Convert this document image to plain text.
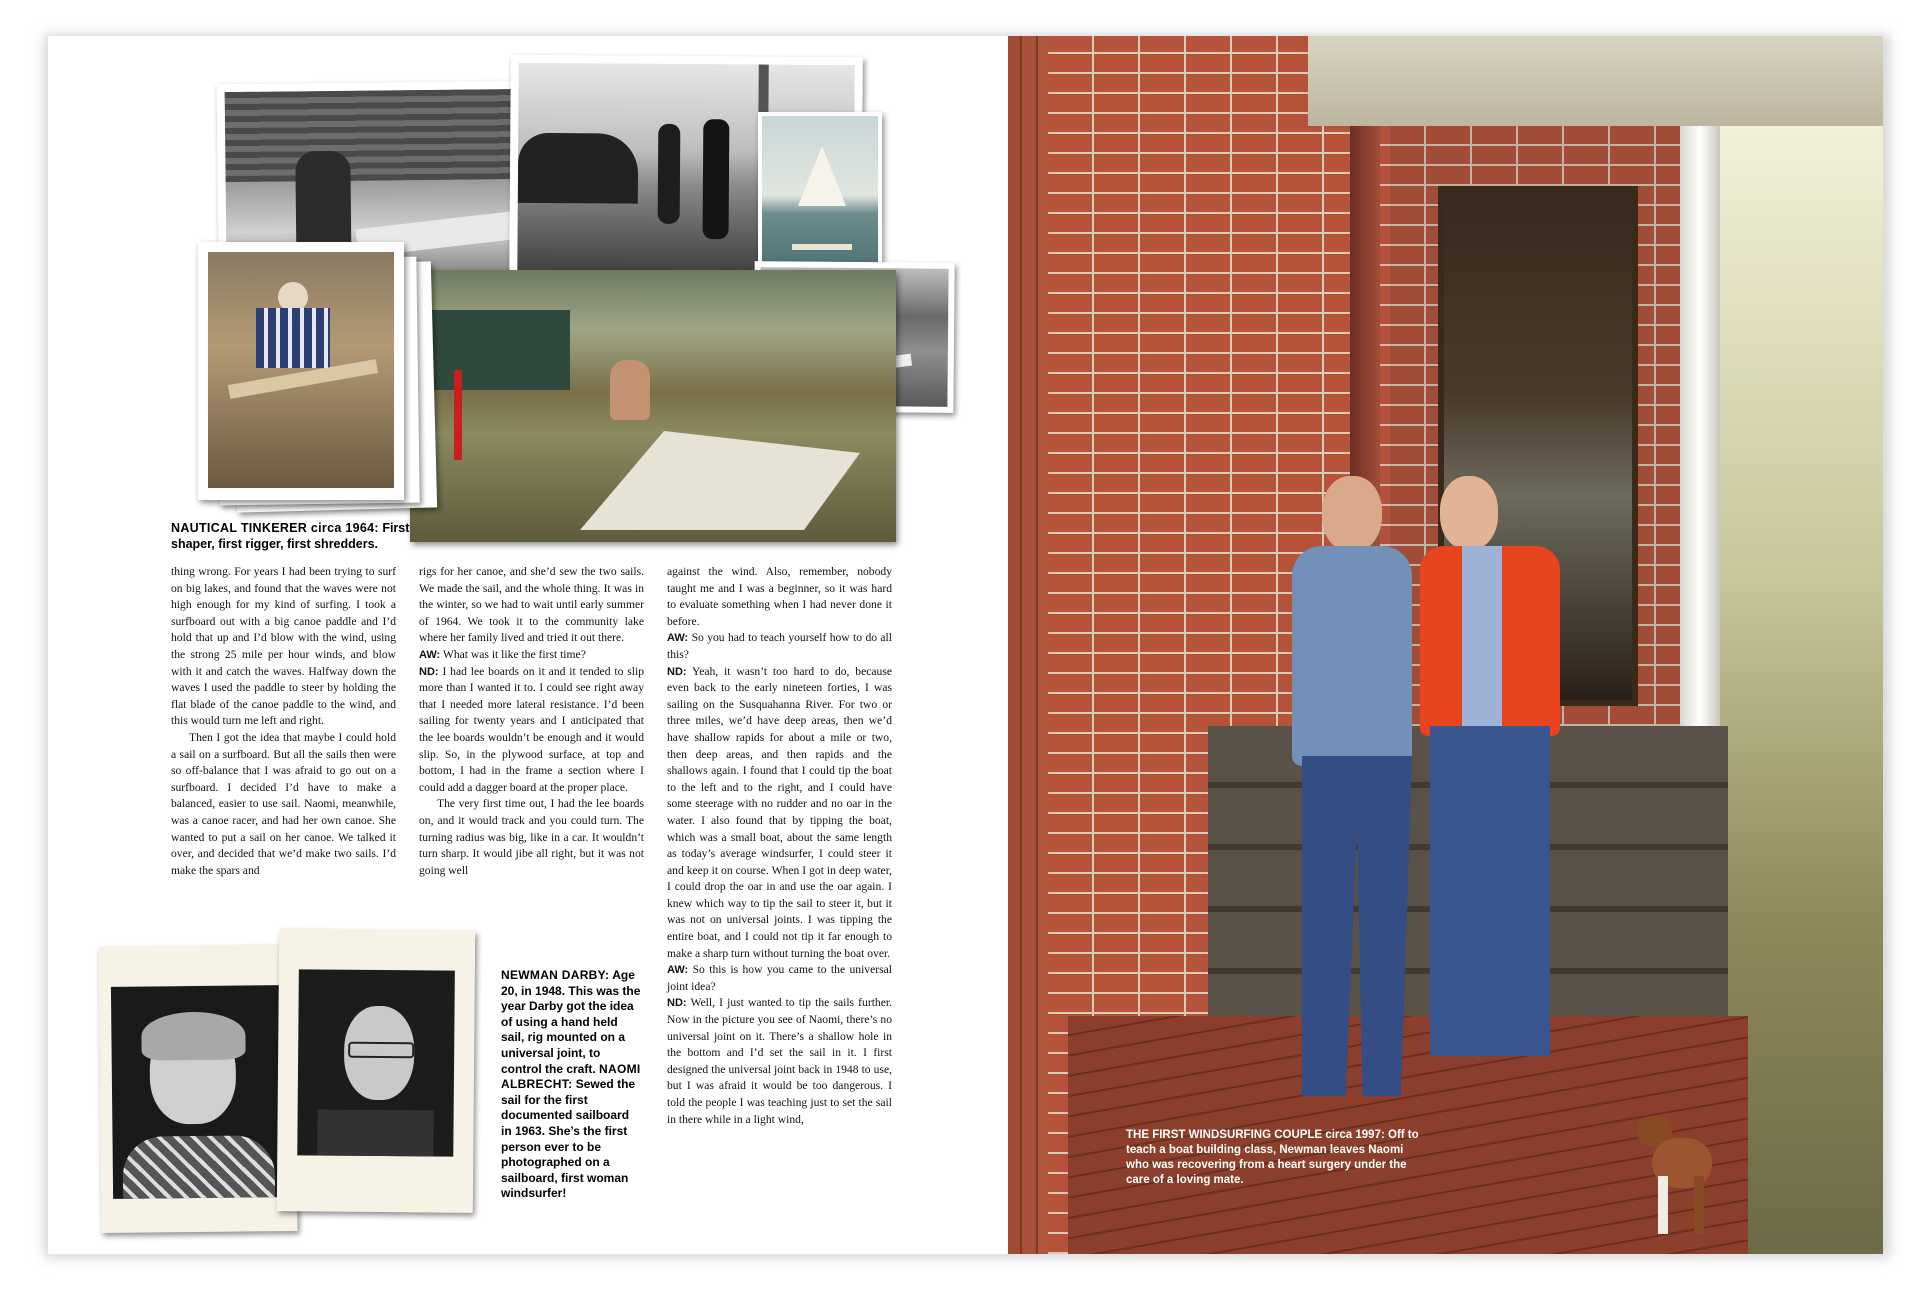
NAUTICAL TINKERER circa 1964: First shaper, first rigger, first shredders.

thing wrong. For years I had been trying to surf on big lakes, and found that the waves were not high enough for my kind of surfing. I took a surfboard out with a big canoe paddle and I’d hold that up and I’d blow with the wind, using the strong 25 mile per hour winds, and blow with it and catch the waves. Halfway down the waves I used the paddle to steer by holding the flat blade of the canoe paddle to the wind, and this would turn me left and right.

Then I got the idea that maybe I could hold a sail on a surfboard. But all the sails then were so off-balance that I was afraid to go out on a surfboard. I decided I’d have to make a balanced, easier to use sail. Naomi, meanwhile, was a canoe racer, and had her own canoe. She wanted to put a sail on her canoe. We talked it over, and decided that we’d make two sails. I’d make the spars and

rigs for her canoe, and she’d sew the two sails. We made the sail, and the whole thing. It was in the winter, so we had to wait until early summer of 1964. We took it to the community lake where her family lived and tried it out there.

AW: What was it like the first time?

ND: I had lee boards on it and it tended to slip more than I wanted it to. I could see right away that I needed more lateral resistance. I’d been sailing for twenty years and I anticipated that the lee boards wouldn’t be enough and it would slip. So, in the plywood surface, at top and bottom, I had in the frame a section where I could add a dagger board at the proper place.

The very first time out, I had the lee boards on, and it would track and you could turn. The turning radius was big, like in a car. It wouldn’t turn sharp. It would jibe all right, but it was not going well

against the wind. Also, remember, nobody taught me and I was a beginner, so it was hard to evaluate something when I had never done it before.

AW: So you had to teach yourself how to do all this?

ND: Yeah, it wasn’t too hard to do, because even back to the early nineteen forties, I was sailing on the Susquahanna River. For two or three miles, we’d have deep areas, then we’d have shallow rapids for about a mile or two, then deep areas, and then rapids and the shallows again. I found that I could tip the boat to the left and to the right, and I could have some steerage with no rudder and no oar in the water. I also found that by tipping the boat, which was a small boat, about the same length as today’s average windsurfer, I could steer it and keep it on course. When I got in deep water, I could drop the oar in and use the oar again. I knew which way to tip the sail to steer it, but it was not on universal joints. I was tipping the entire boat, and I could not tip it far enough to make a sharp turn without turning the boat over.

AW: So this is how you came to the universal joint idea?

ND: Well, I just wanted to tip the sails further. Now in the picture you see of Naomi, there’s no universal joint on it. There’s a shallow hole in the bottom and I’d set the sail in it. I first designed the universal joint back in 1948 to use, but I was afraid it would be too dangerous. I told the people I was teaching just to set the sail in there while in a light wind,

NEWMAN DARBY: Age 20, in 1948. This was the year Darby got the idea of using a hand held sail, rig mounted on a universal joint, to control the craft. NAOMI ALBRECHT: Sewed the sail for the first documented sailboard in 1963. She’s the first person ever to be photographed on a sailboard, first woman windsurfer!
THE FIRST WINDSURFING COUPLE circa 1997: Off to teach a boat building class, Newman leaves Naomi who was recovering from a heart surgery under the care of a loving mate.
